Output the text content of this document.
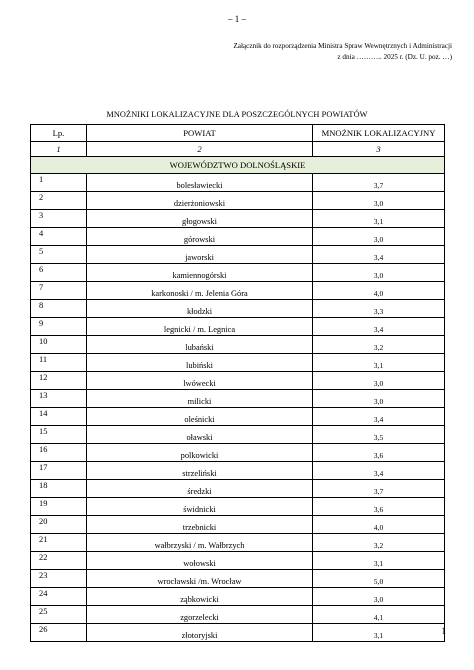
– 1 –
Załącznik do rozporządzenia Ministra Spraw Wewnętrznych i Administracji
z dnia ……….. 2025 r. (Dz. U. poz. …)
MNOŻNIKI LOKALIZACYJNE DLA POSZCZEGÓLNYCH POWIATÓW
Lp.	POWIAT	MNOŻNIK LOKALIZACYJNY
1	2	3
WOJEWÓDZTWO DOLNOŚLĄSKIE		
1	bolesławiecki	3,7
2	dzierżoniowski	3,0
3	głogowski	3,1
4	górowski	3,0
5	jaworski	3,4
6	kamiennogórski	3,0
7	karkonoski / m. Jelenia Góra	4,0
8	kłodzki	3,3
9	legnicki / m. Legnica	3,4
10	lubański	3,2
11	lubiński	3,1
12	lwówecki	3,0
13	milicki	3,0
14	oleśnicki	3,4
15	oławski	3,5
16	polkowicki	3,6
17	strzeliński	3,4
18	średzki	3,7
19	świdnicki	3,6
20	trzebnicki	4,0
21	wałbrzyski / m. Wałbrzych	3,2
22	wołowski	3,1
23	wrocławski /m. Wrocław	5,0
24	ząbkowicki	3,0
25	zgorzelecki	4,1
26	złotoryjski	3,1	1
